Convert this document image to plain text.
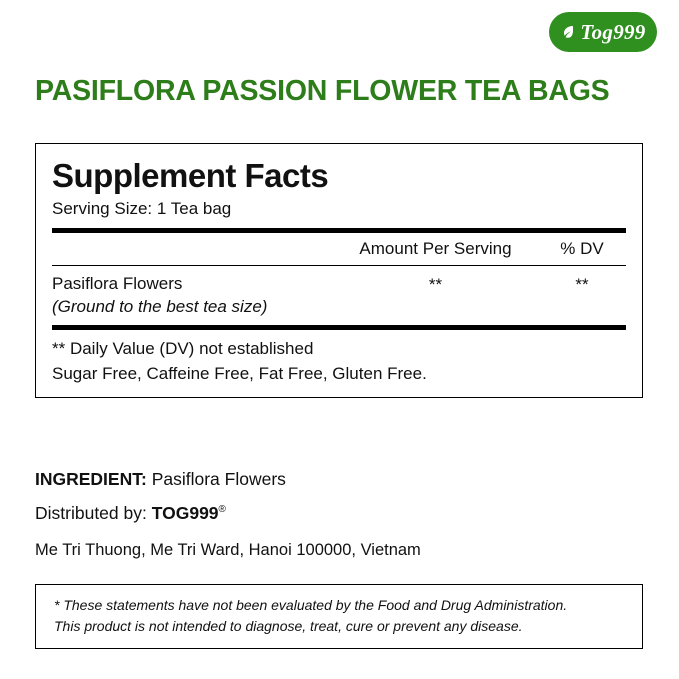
Tog999
PASIFLORA PASSION FLOWER TEA BAGS
Supplement Facts
Serving Size: 1 Tea bag
Amount Per Serving	% DV
Pasiflora Flowers
(Ground to the best tea size)
**	**
** Daily Value (DV) not established
Sugar Free, Caffeine Free, Fat Free, Gluten Free.
INGREDIENT: Pasiflora Flowers
Distributed by: TOG999®
Me Tri Thuong, Me Tri Ward, Hanoi 100000, Vietnam

* These statements have not been evaluated by the Food and Drug Administration.

This product is not intended to diagnose, treat, cure or prevent any disease.
